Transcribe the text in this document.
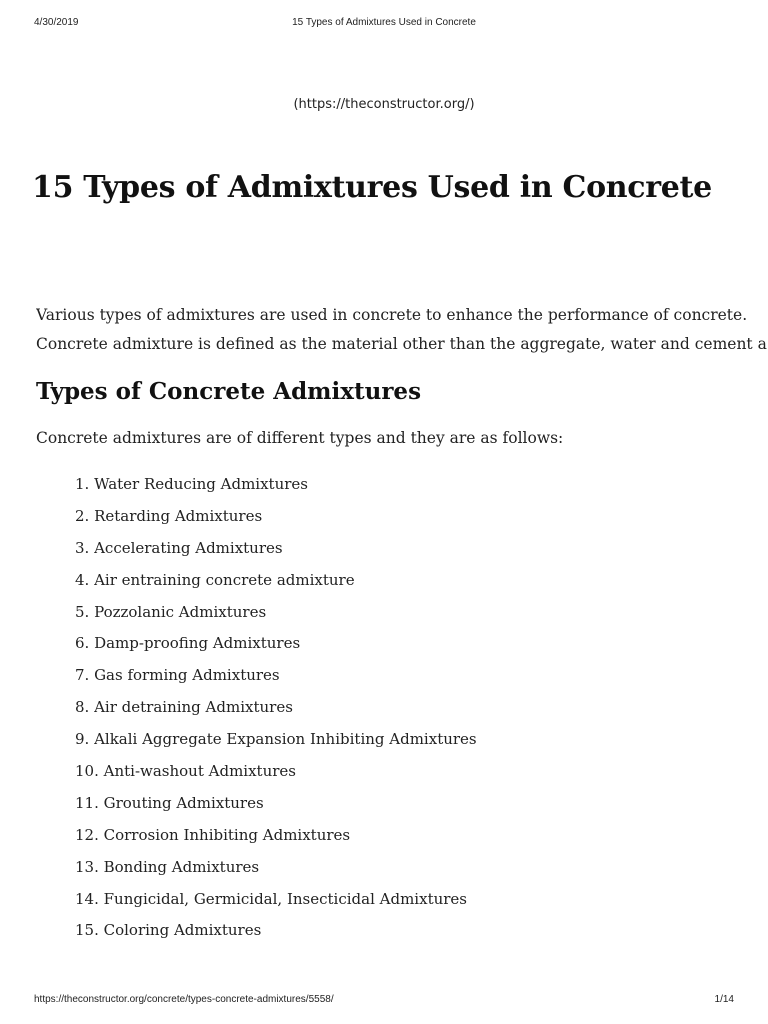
4/30/2019	15 Types of Admixtures Used in Concrete
(https://theconstructor.org/)
15 Types of Admixtures Used in Concrete
Various types of admixtures are used in concrete to enhance the performance of concrete.
Concrete admixture is defined as the material other than the aggregate, water and cement a
Types of Concrete Admixtures

Concrete admixtures are of different types and they are as follows:

1. Water Reducing Admixtures
2. Retarding Admixtures
3. Accelerating Admixtures
4. Air entraining concrete admixture
5. Pozzolanic Admixtures
6. Damp-proofing Admixtures
7. Gas forming Admixtures
8. Air detraining Admixtures
9. Alkali Aggregate Expansion Inhibiting Admixtures
10. Anti-washout Admixtures
11. Grouting Admixtures
12. Corrosion Inhibiting Admixtures
13. Bonding Admixtures
14. Fungicidal, Germicidal, Insecticidal Admixtures
15. Coloring Admixtures
https://theconstructor.org/concrete/types-concrete-admixtures/5558/	1/14
